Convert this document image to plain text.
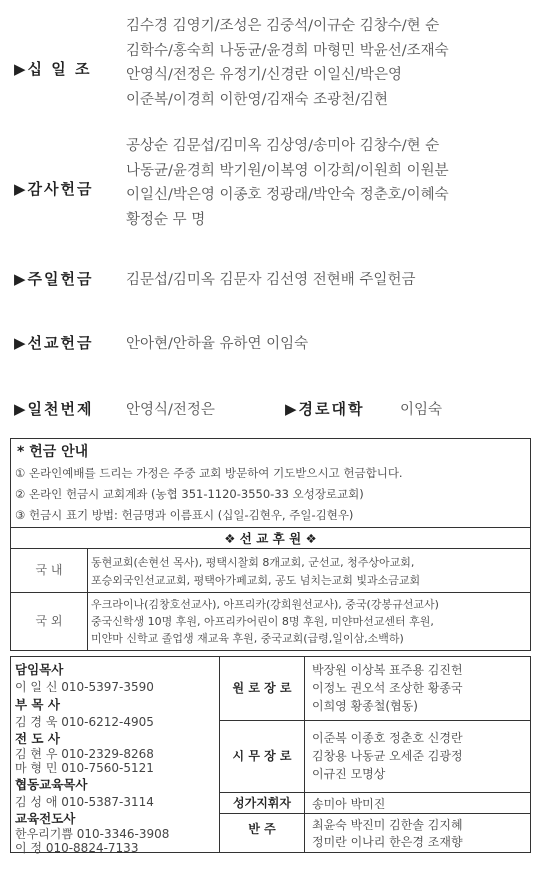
▶십 일 조
김수경 김영기/조성은 김중석/이규순 김창수/현 순
김학수/홍숙희 나동균/윤경희 마형민 박윤선/조재숙
안영식/전정은 유정기/신경란 이일신/박은영
이준복/이경희 이한영/김재숙 조광천/김현
▶감사헌금
공상순 김문섭/김미옥 김상영/송미아 김창수/현 순
나동균/윤경희 박기원/이복영 이강희/이원희 이원분
이일신/박은영 이종호 정광래/박안숙 정춘호/이혜숙
황정순 무 명
▶주일헌금 김문섭/김미옥 김문자 김선영 전현배 주일헌금
▶선교헌금 안아현/안하율 유하연 이임숙
▶일천번제 안영식/전정은	▶경로대학 이임숙
* 헌금 안내
① 온라인예배를 드리는 가정은 주중 교회 방문하여 기도받으시고 헌금합니다.
② 온라인 헌금시 교회계좌 (농협 351-1120-3550-33 오성장로교회)
③ 헌금시 표기 방법: 헌금명과 이름표시 (십일-김현우, 주일-김현우)
❖ 선 교 후 원 ❖
국 내
동현교회(손현선 목사), 평택시찰회 8개교회, 군선교, 청주상아교회,
포승외국인선교교회, 평택아가페교회, 공도 넘치는교회 빛과소금교회
국 외
우크라이나(김창호선교사), 아프리카(강희원선교사), 중국(강봉규선교사)
중국신학생 10명 후원, 아프리카어린이 8명 후원, 미얀마선교센터 후원,
미얀마 신학교 졸업생 재교육 후원, 중국교회(급령,일이삼,소백하)
담임목사
이 일 신 010-5397-3590
부 목 사
김 경 욱 010-6212-4905
전 도 사
김 현 우 010-2329-8268
마 형 민 010-7560-5121
협동교육목사
김 성 애 010-5387-3114
교육전도사
한우리기쁨 010-3346-3908
이 정 010-8824-7133
원 로 장 로
박장원 이상복 표주용 김진헌
이정노 권오석 조상한 황종국
이희영 황종철(협동)
시 무 장 로
이준복 이종호 정춘호 신경란
김창용 나동균 오세준 김광정
이규진 모명상
성가지휘자	송미아 박미진
반 주	최윤숙 박진미 김한솔 김지혜
정미란 이나리 한은경 조재향
